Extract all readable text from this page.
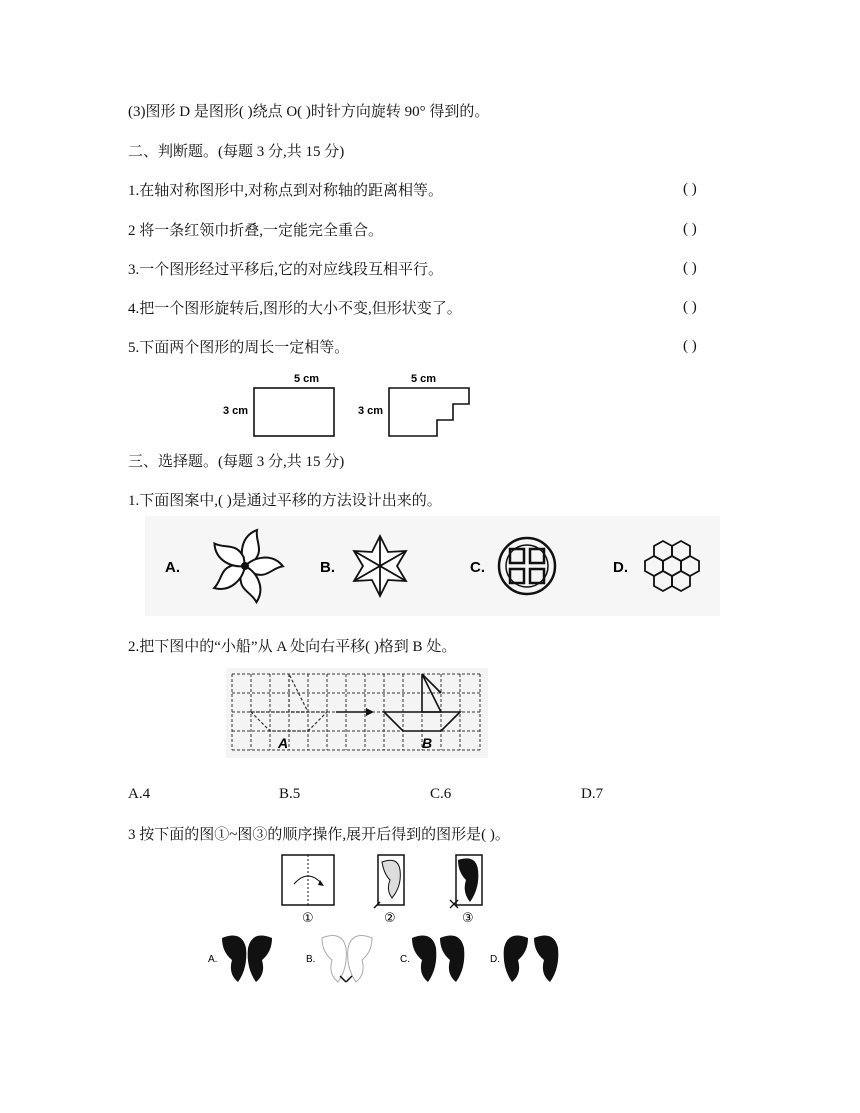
(3)图形 D 是图形( )绕点 O( )时针方向旋转 90° 得到的。
二、判断题。(每题 3 分,共 15 分)
1.在轴对称图形中,对称点到对称轴的距离相等。	( )
2 将一条红领巾折叠,一定能完全重合。	( )
3.一个图形经过平移后,它的对应线段互相平行。	( )
4.把一个图形旋转后,图形的大小不变,但形状变了。	( )
5.下面两个图形的周长一定相等。	( )
5 cm
3 cm
5 cm
3 cm
三、选择题。(每题 3 分,共 15 分)
1.下面图案中,( )是通过平移的方法设计出来的。
A.	B.	C.	D.
2.把下图中的“小船”从 A 处向右平移( )格到 B 处。
A	B
A.4	B.5	C.6	D.7
3 按下面的图①~图③的顺序操作,展开后得到的图形是( )。
①	②	③
A.	B.	C.	D.
